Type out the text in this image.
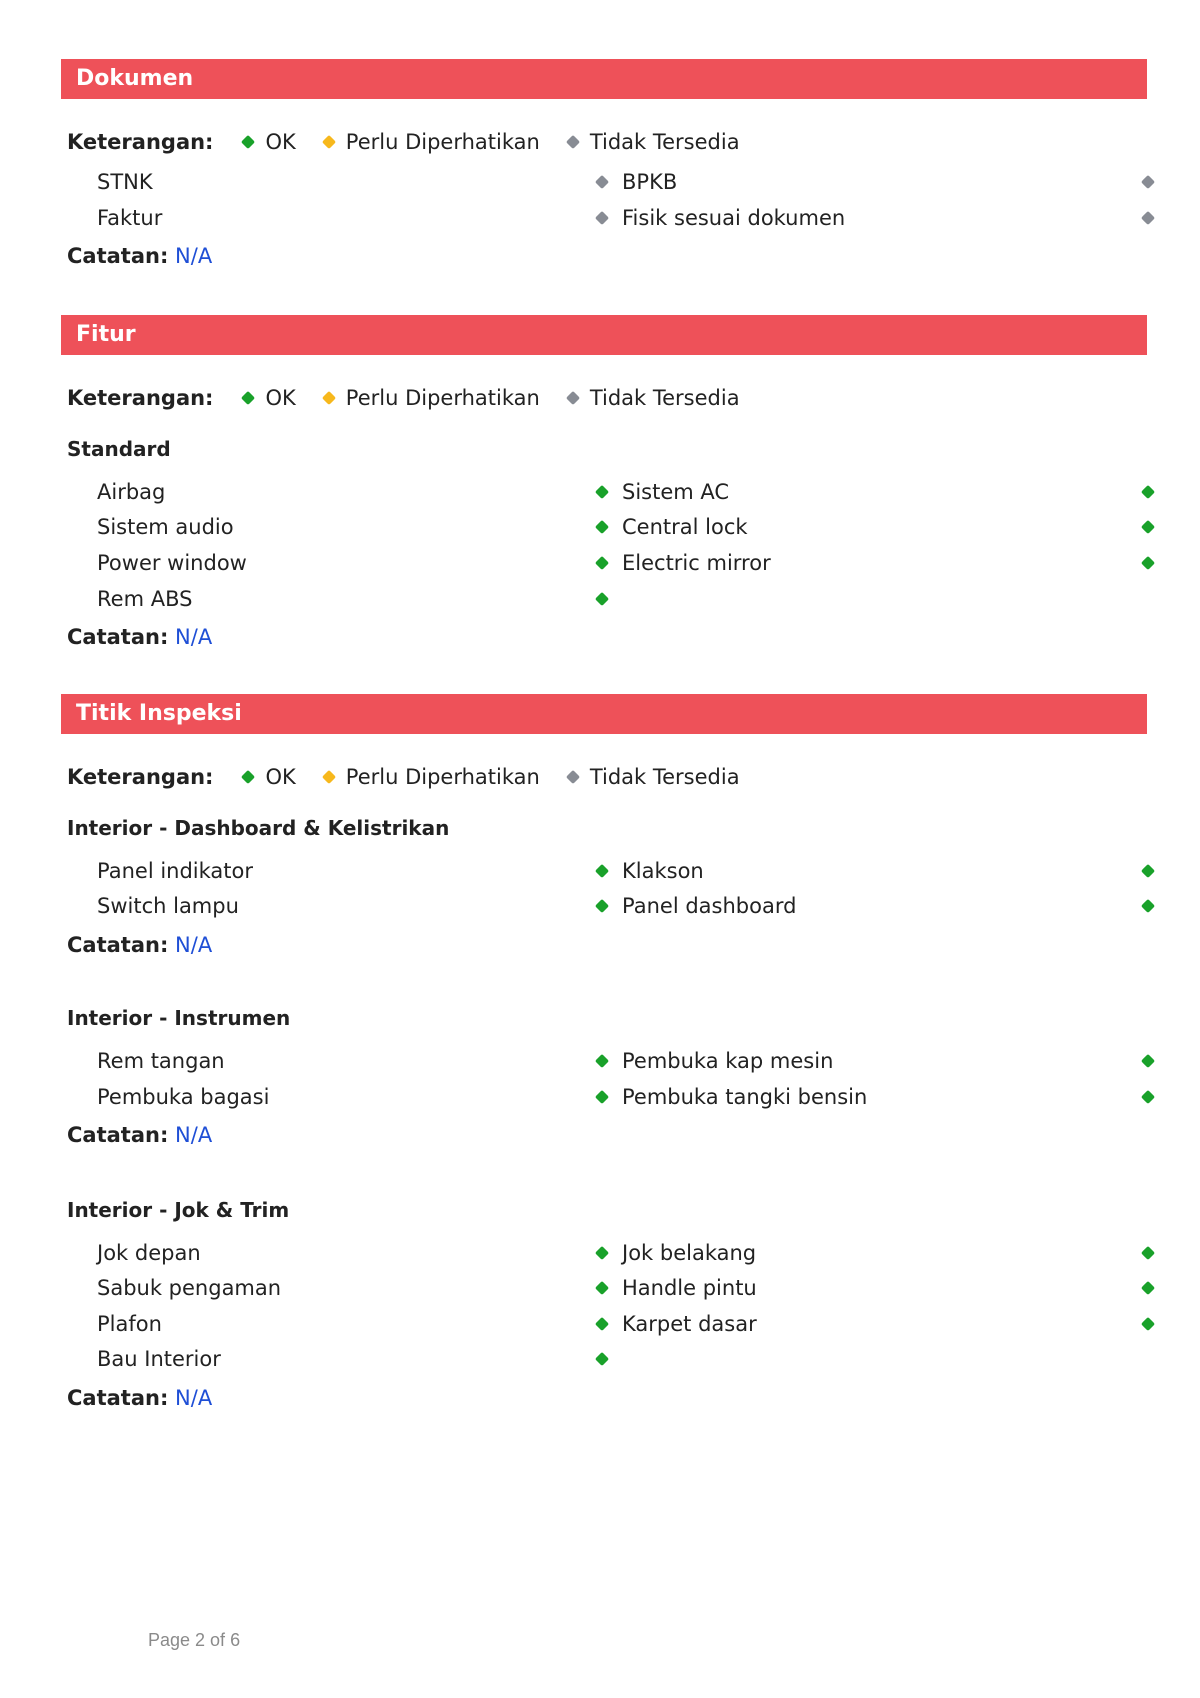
Dokumen
Keterangan: OK Perlu Diperhatikan Tidak Tersedia
STNK	BPKB
Faktur	Fisik sesuai dokumen
Catatan: N/A
Fitur
Keterangan: OK Perlu Diperhatikan Tidak Tersedia
Standard
Airbag	Sistem AC
Sistem audio	Central lock
Power window	Electric mirror
Rem ABS
Catatan: N/A
Titik Inspeksi
Keterangan: OK Perlu Diperhatikan Tidak Tersedia
Interior - Dashboard & Kelistrikan
Panel indikator	Klakson
Switch lampu	Panel dashboard
Catatan: N/A
Interior - Instrumen
Rem tangan	Pembuka kap mesin
Pembuka bagasi	Pembuka tangki bensin
Catatan: N/A
Interior - Jok & Trim
Jok depan	Jok belakang
Sabuk pengaman	Handle pintu
Plafon	Karpet dasar
Bau Interior
Catatan: N/A
Page 2 of 6
